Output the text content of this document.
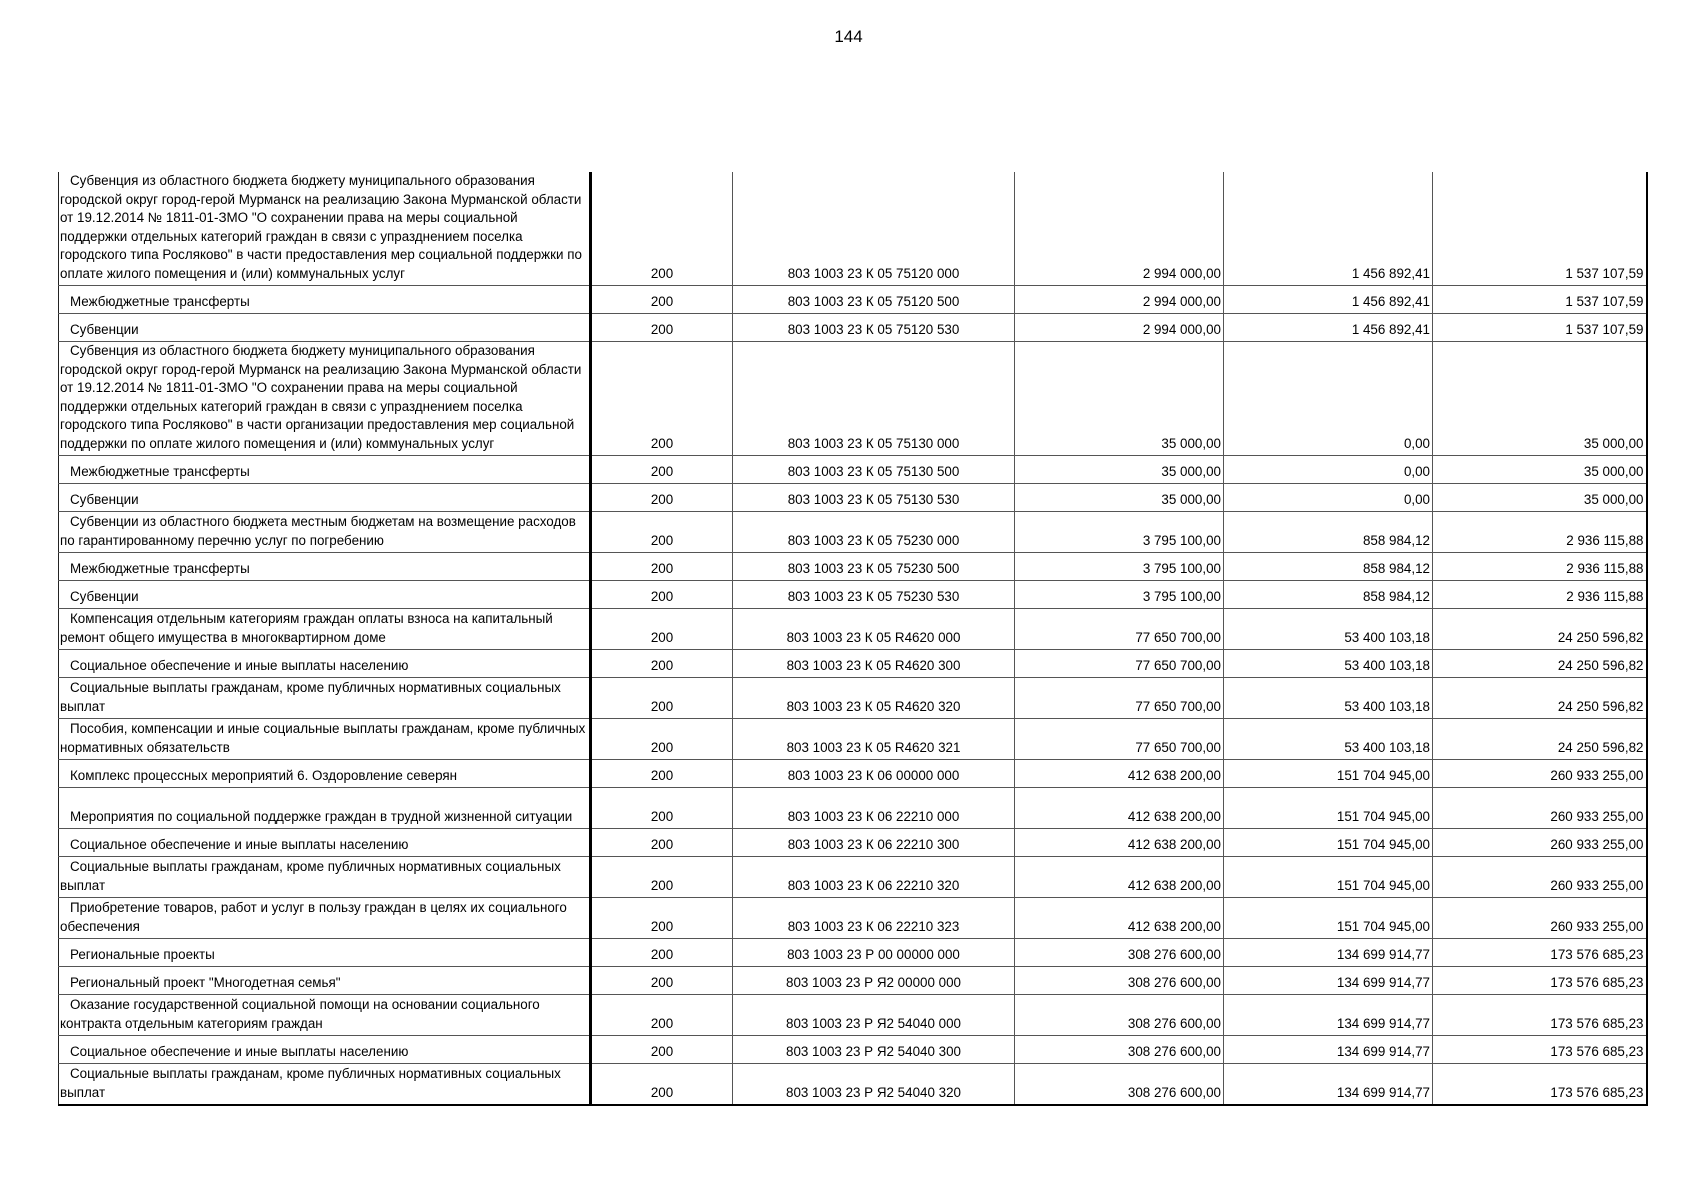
144
Субвенция из областного бюджета бюджету муниципального образования городской округ город-герой Мурманск на реализацию Закона Мурманской области от 19.12.2014 № 1811-01-ЗМО "О сохранении права на меры социальной поддержки отдельных категорий граждан в связи с упразднением поселка городского типа Росляково" в части предоставления мер социальной поддержки по оплате жилого помещения и (или) коммунальных услуг	200	803 1003 23 К 05 75120 000	2 994 000,00	1 456 892,41	1 537 107,59
Межбюджетные трансферты	200	803 1003 23 К 05 75120 500	2 994 000,00	1 456 892,41	1 537 107,59
Субвенции	200	803 1003 23 К 05 75120 530	2 994 000,00	1 456 892,41	1 537 107,59
Субвенция из областного бюджета бюджету муниципального образования городской округ город-герой Мурманск на реализацию Закона Мурманской области от 19.12.2014 № 1811-01-ЗМО "О сохранении права на меры социальной поддержки отдельных категорий граждан в связи с упразднением поселка городского типа Росляково" в части организации предоставления мер социальной поддержки по оплате жилого помещения и (или) коммунальных услуг	200	803 1003 23 К 05 75130 000	35 000,00	0,00	35 000,00
Межбюджетные трансферты	200	803 1003 23 К 05 75130 500	35 000,00	0,00	35 000,00
Субвенции	200	803 1003 23 К 05 75130 530	35 000,00	0,00	35 000,00
Субвенции из областного бюджета местным бюджетам на возмещение расходов по гарантированному перечню услуг по погребению	200	803 1003 23 К 05 75230 000	3 795 100,00	858 984,12	2 936 115,88
Межбюджетные трансферты	200	803 1003 23 К 05 75230 500	3 795 100,00	858 984,12	2 936 115,88
Субвенции	200	803 1003 23 К 05 75230 530	3 795 100,00	858 984,12	2 936 115,88
Компенсация отдельным категориям граждан оплаты взноса на капитальный ремонт общего имущества в многоквартирном доме	200	803 1003 23 К 05 R4620 000	77 650 700,00	53 400 103,18	24 250 596,82
Социальное обеспечение и иные выплаты населению	200	803 1003 23 К 05 R4620 300	77 650 700,00	53 400 103,18	24 250 596,82
Социальные выплаты гражданам, кроме публичных нормативных социальных выплат	200	803 1003 23 К 05 R4620 320	77 650 700,00	53 400 103,18	24 250 596,82
Пособия, компенсации и иные социальные выплаты гражданам, кроме публичных нормативных обязательств	200	803 1003 23 К 05 R4620 321	77 650 700,00	53 400 103,18	24 250 596,82
Комплекс процессных мероприятий 6. Оздоровление северян	200	803 1003 23 К 06 00000 000	412 638 200,00	151 704 945,00	260 933 255,00
Мероприятия по социальной поддержке граждан в трудной жизненной ситуации	200	803 1003 23 К 06 22210 000	412 638 200,00	151 704 945,00	260 933 255,00
Социальное обеспечение и иные выплаты населению	200	803 1003 23 К 06 22210 300	412 638 200,00	151 704 945,00	260 933 255,00
Социальные выплаты гражданам, кроме публичных нормативных социальных выплат	200	803 1003 23 К 06 22210 320	412 638 200,00	151 704 945,00	260 933 255,00
Приобретение товаров, работ и услуг в пользу граждан в целях их социального обеспечения	200	803 1003 23 К 06 22210 323	412 638 200,00	151 704 945,00	260 933 255,00
Региональные проекты	200	803 1003 23 Р 00 00000 000	308 276 600,00	134 699 914,77	173 576 685,23
Региональный проект "Многодетная семья"	200	803 1003 23 Р Я2 00000 000	308 276 600,00	134 699 914,77	173 576 685,23
Оказание государственной социальной помощи на основании социального контракта отдельным категориям граждан	200	803 1003 23 Р Я2 54040 000	308 276 600,00	134 699 914,77	173 576 685,23
Социальное обеспечение и иные выплаты населению	200	803 1003 23 Р Я2 54040 300	308 276 600,00	134 699 914,77	173 576 685,23
Социальные выплаты гражданам, кроме публичных нормативных социальных выплат	200	803 1003 23 Р Я2 54040 320	308 276 600,00	134 699 914,77	173 576 685,23
